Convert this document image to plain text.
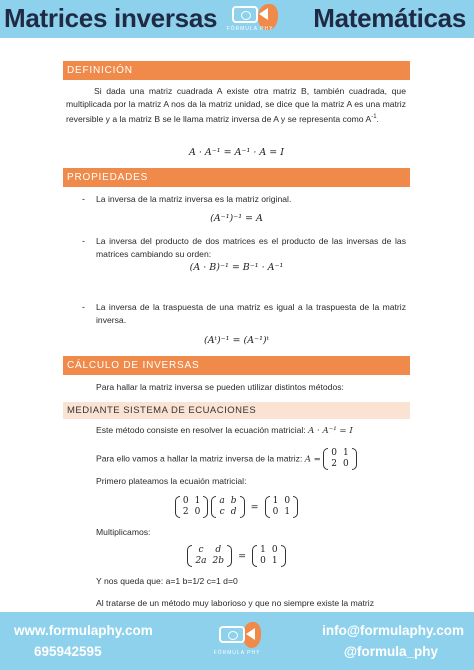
Matrices inversas	FÓRMULA PHY	Matemáticas
DEFINICIÓN
Si dada una matriz cuadrada A existe otra matriz B, también cuadrada, que multiplicada por la matriz A nos da la matriz unidad, se dice que la matriz A es una matriz reversible y a la matriz B se le llama matriz inversa de A y se representa como $A^{-1}$.
A · A⁻¹ = A⁻¹ · A = I
PROPIEDADES
- La inversa de la matriz inversa es la matriz original.
(A⁻¹)⁻¹ = A
- La inversa del producto de dos matrices es el producto de las inversas de las matrices cambiando su orden:
(A · B)⁻¹ = B⁻¹ · A⁻¹
- La inversa de la traspuesta de una matriz es igual a la traspuesta de la matriz inversa.
(Aᵗ)⁻¹ = (A⁻¹)ᵗ
CÁLCULO DE INVERSAS
Para hallar la matriz inversa se pueden utilizar distintos métodos:
MEDIANTE SISTEMA DE ECUACIONES
Este método consiste en resolver la ecuación matricial: A · A⁻¹ = I
Para ello vamos a hallar la matriz inversa de la matriz: A =
0	1
2	0
Primero plateamos la ecuaión matricial:
0	1
2	0

a	b
c	d =
1	0
0	1
Multiplicamos:
c	d
2a	2b =
1	0
0	1
Y nos queda que: a=1 b=1/2 c=1 d=0
Al tratarse de un método muy laborioso y que no siempre existe la matriz
www.formulaphy.com
695942595	FÓRMULA PHY
info@formulaphy.com
@formula_phy
